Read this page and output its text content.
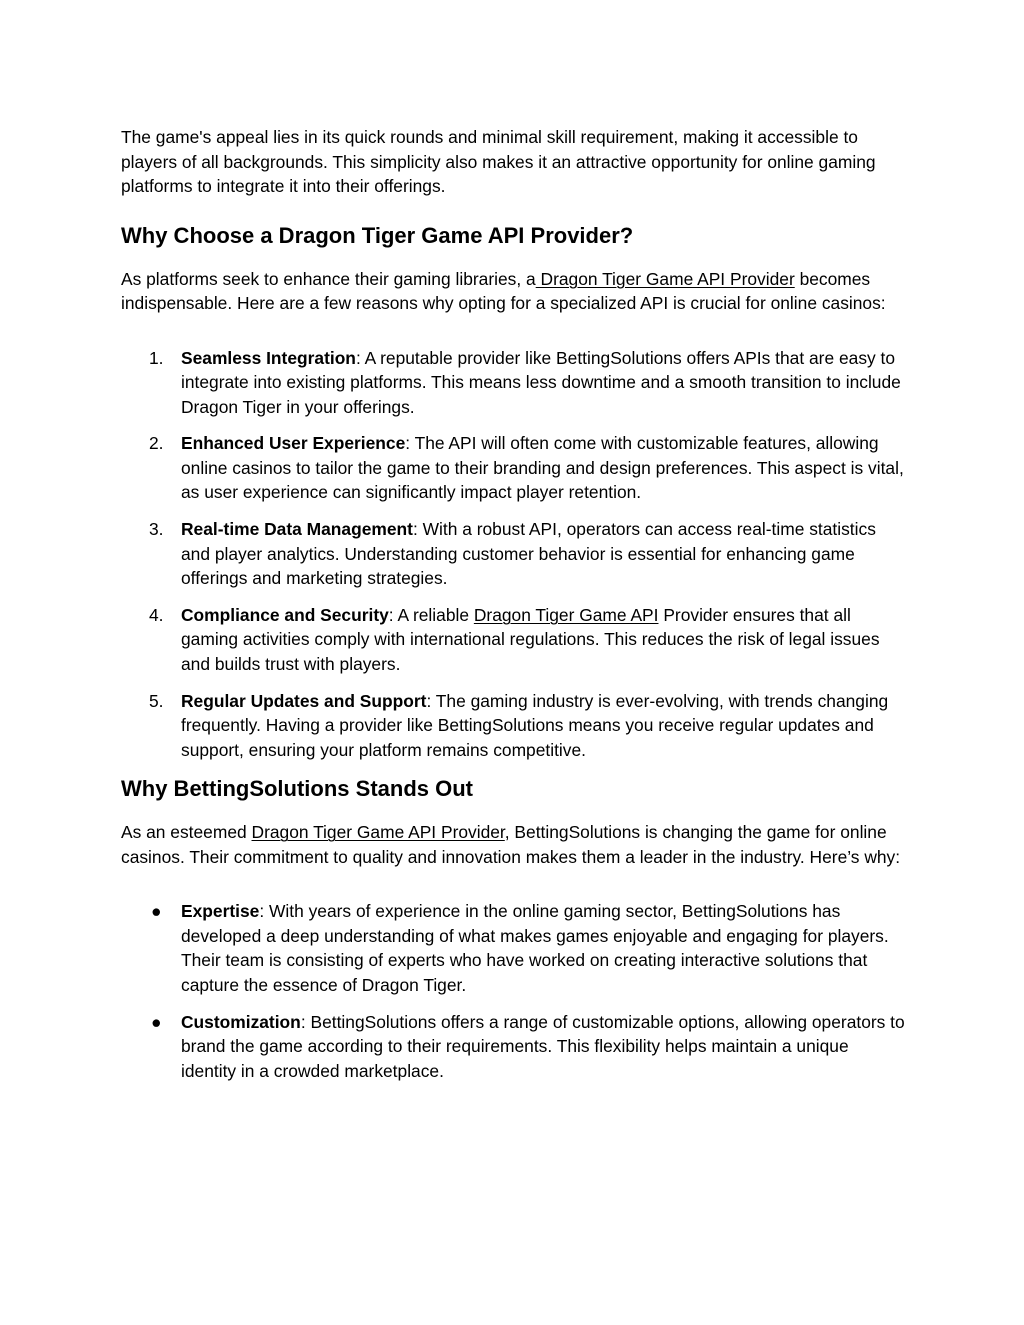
The game's appeal lies in its quick rounds and minimal skill requirement, making it accessible to players of all backgrounds. This simplicity also makes it an attractive opportunity for online gaming platforms to integrate it into their offerings.

Why Choose a Dragon Tiger Game API Provider?

As platforms seek to enhance their gaming libraries, a Dragon Tiger Game API Provider becomes indispensable. Here are a few reasons why opting for a specialized API is crucial for online casinos:

1. Seamless Integration: A reputable provider like BettingSolutions offers APIs that are easy to integrate into existing platforms. This means less downtime and a smooth transition to include Dragon Tiger in your offerings.
2. Enhanced User Experience: The API will often come with customizable features, allowing online casinos to tailor the game to their branding and design preferences. This aspect is vital, as user experience can significantly impact player retention.
3. Real-time Data Management: With a robust API, operators can access real-time statistics and player analytics. Understanding customer behavior is essential for enhancing game offerings and marketing strategies.
4. Compliance and Security: A reliable Dragon Tiger Game API Provider ensures that all gaming activities comply with international regulations. This reduces the risk of legal issues and builds trust with players.
5. Regular Updates and Support: The gaming industry is ever-evolving, with trends changing frequently. Having a provider like BettingSolutions means you receive regular updates and support, ensuring your platform remains competitive.
Why BettingSolutions Stands Out

As an esteemed Dragon Tiger Game API Provider, BettingSolutions is changing the game for online casinos. Their commitment to quality and innovation makes them a leader in the industry. Here’s why:

● Expertise: With years of experience in the online gaming sector, BettingSolutions has developed a deep understanding of what makes games enjoyable and engaging for players. Their team is consisting of experts who have worked on creating interactive solutions that capture the essence of Dragon Tiger.
● Customization: BettingSolutions offers a range of customizable options, allowing operators to brand the game according to their requirements. This flexibility helps maintain a unique identity in a crowded marketplace.
